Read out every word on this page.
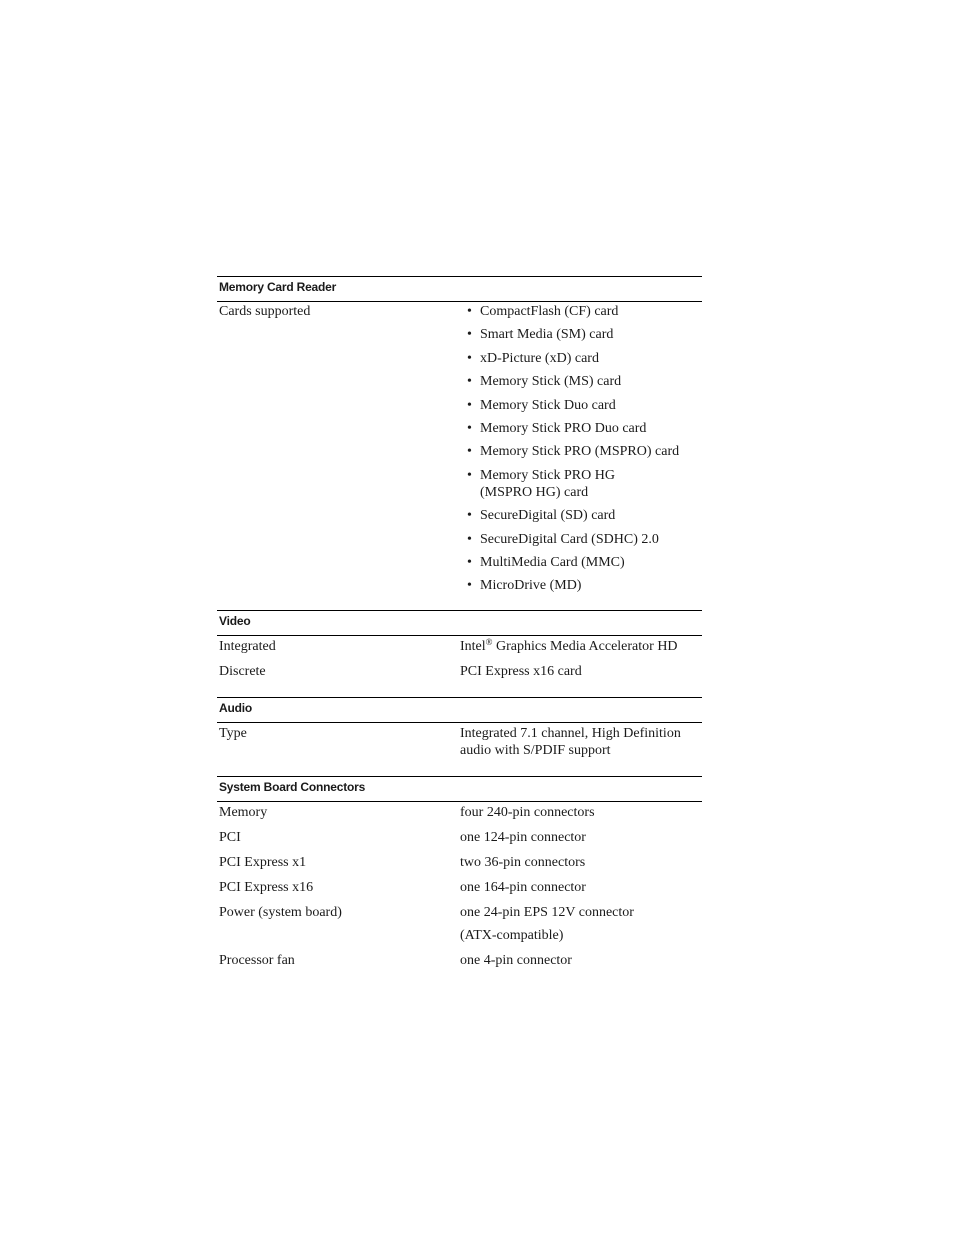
Memory Card Reader
Cards supported	• CompactFlash (CF) card
• Smart Media (SM) card
• xD-Picture (xD) card
• Memory Stick (MS) card
• Memory Stick Duo card
• Memory Stick PRO Duo card
• Memory Stick PRO (MSPRO) card
• Memory Stick PRO HG
(MSPRO HG) card
• SecureDigital (SD) card
• SecureDigital Card (SDHC) 2.0
• MultiMedia Card (MMC)
• MicroDrive (MD)
Video
Integrated	Intel® Graphics Media Accelerator HD
Discrete	PCI Express x16 card
Audio
Type	Integrated 7.1 channel, High Definition
audio with S/PDIF support
System Board Connectors
Memory	four 240-pin connectors
PCI	one 124-pin connector
PCI Express x1	two 36-pin connectors
PCI Express x16	one 164-pin connector
Power (system board)	one 24-pin EPS 12V connector
(ATX-compatible)
Processor fan	one 4-pin connector
